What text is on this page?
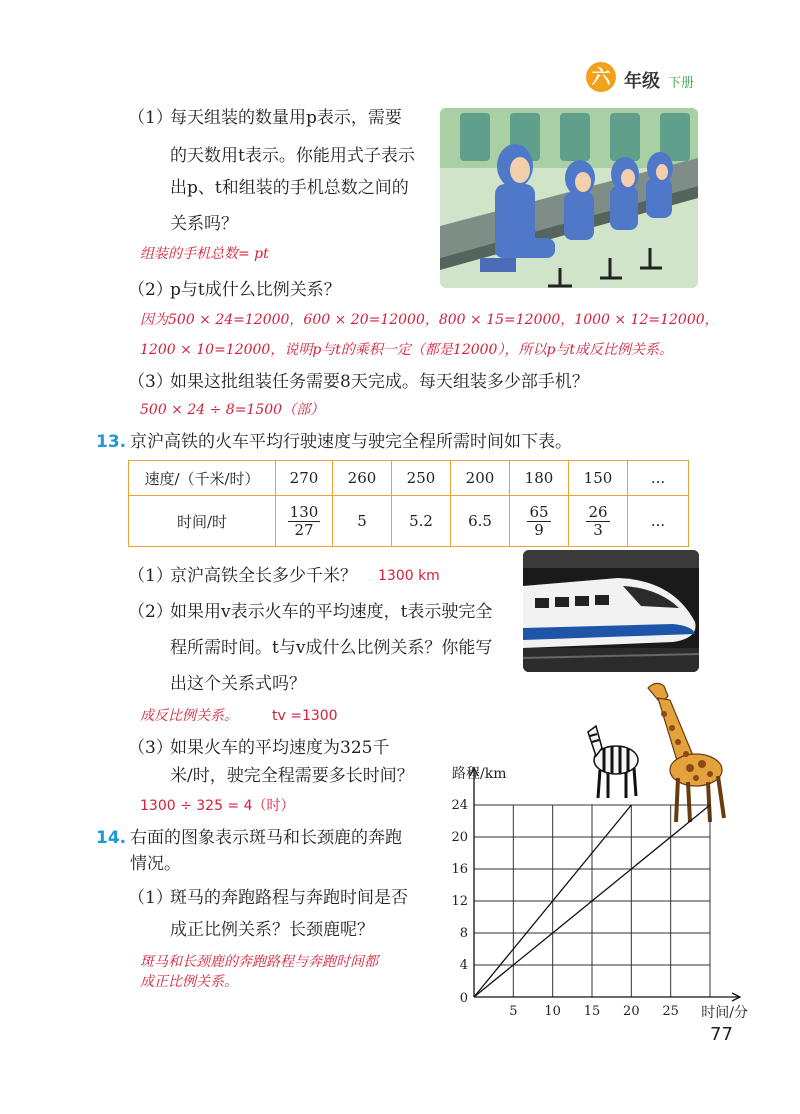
六 年级 下册
（1）
每天组装的数量用p表示，需要
的天数用t表示。你能用式子表示
出p、t和组装的手机总数之间的
关系吗？
组装的手机总数= pt
（2）
p与t成什么比例关系？
因为500 × 24=12000，600 × 20=12000，800 × 15=12000，1000 × 12=12000，
1200 × 10=12000，说明p与t的乘积一定（都是12000），所以p与t成反比例关系。
（3）
如果这批组装任务需要8天完成。每天组装多少部手机？
500 × 24 ÷ 8=1500（部）
13. 京沪高铁的火车平均行驶速度与驶完全程所需时间如下表。
速度/（千米/时）	270	260	250	200	180	150	...
时间/时	$\frac{130}{27}$	5	5.2	6.5	$\frac{65}{9}$	$\frac{26}{3}$	...
（1）
京沪高铁全长多少千米？ 1300 km
（2）
如果用v表示火车的平均速度，t表示驶完全
程所需时间。t与v成什么比例关系？你能写
出这个关系式吗？
成反比例关系。 tv =1300
（3）
如果火车的平均速度为325千
米/时，驶完全程需要多长时间？
1300 ÷ 325 = 4（时）
14. 右面的图象表示斑马和长颈鹿的奔跑
情况。
（1）
斑马的奔跑路程与奔跑时间是否
成正比例关系？长颈鹿呢？
斑马和长颈鹿的奔跑路程与奔跑时间都
成正比例关系。
5 10 15 20 25
4
8
12
16
20
24
0
路程/km
时间/分
77
